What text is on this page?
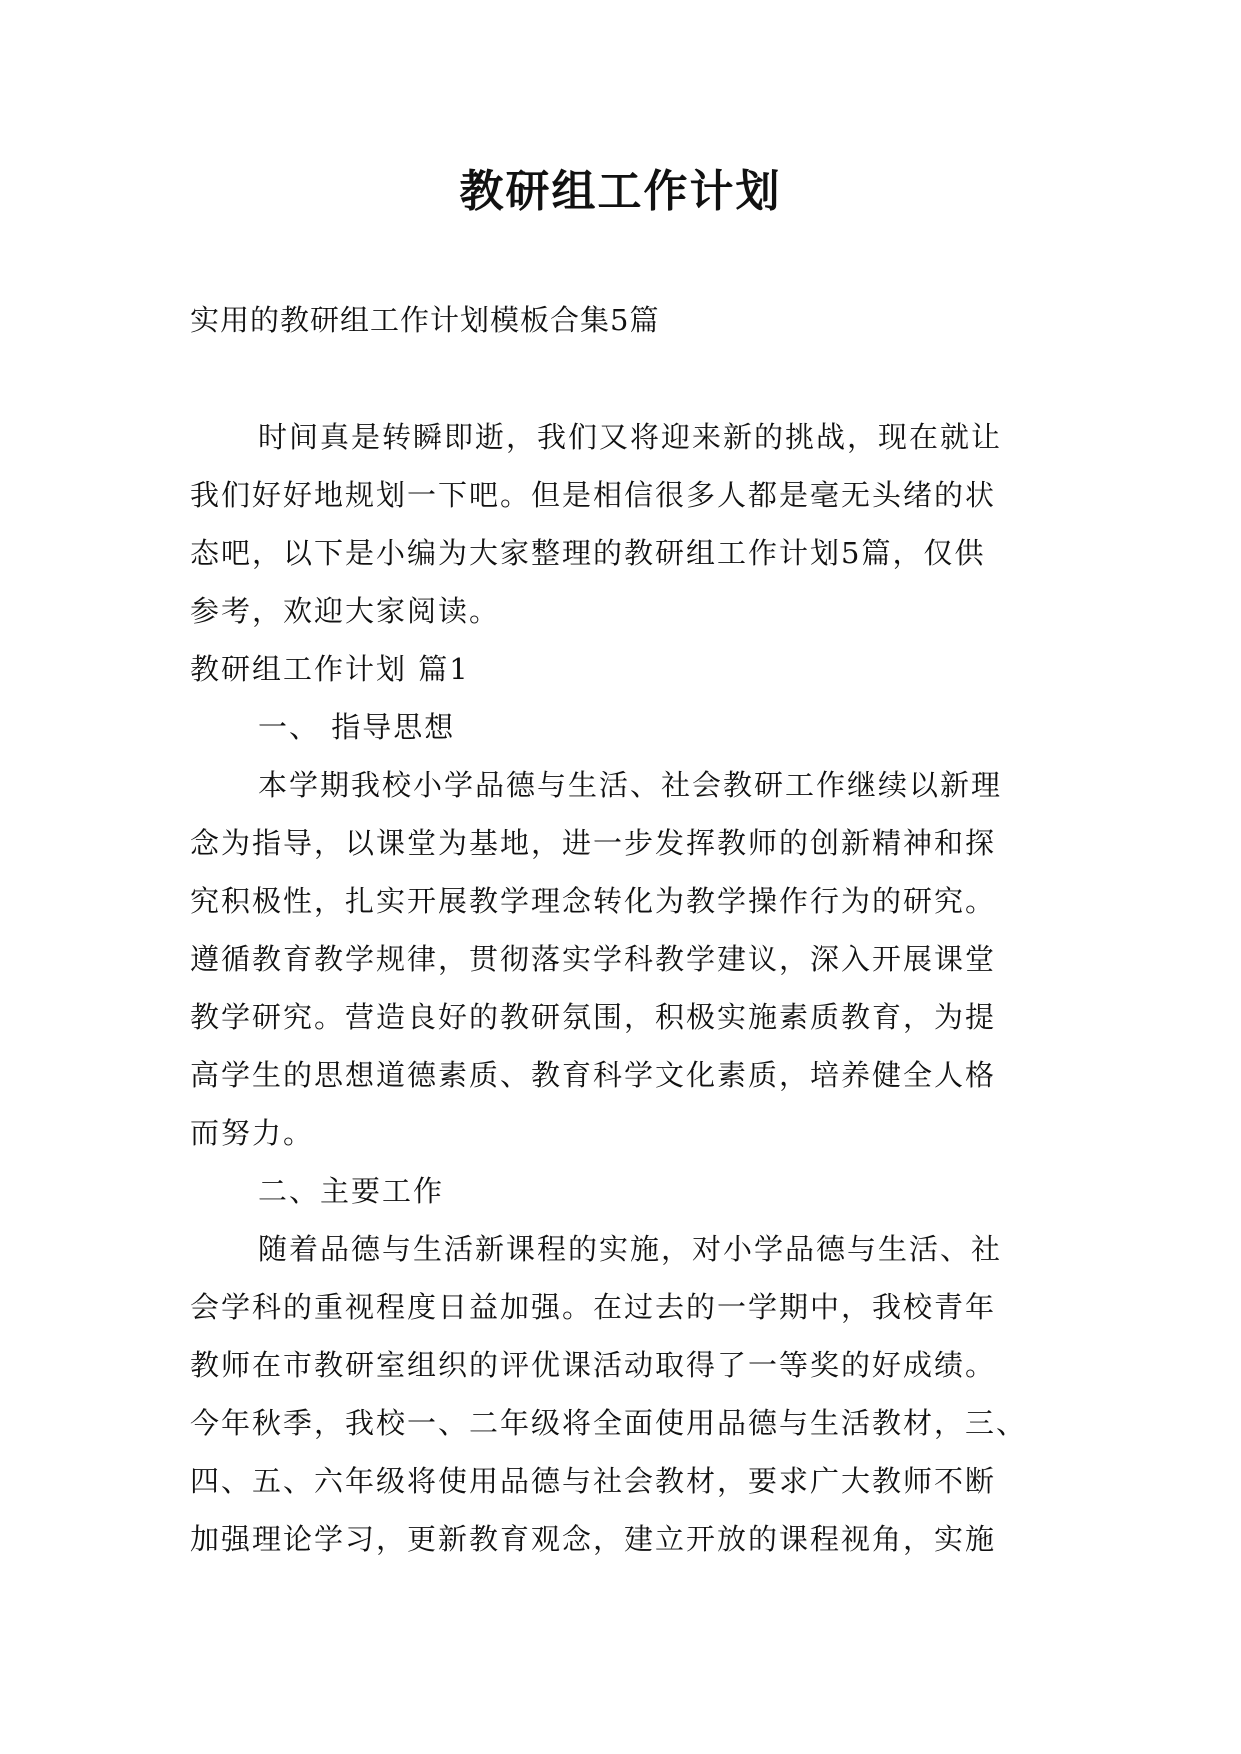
教研组工作计划

实用的教研组工作计划模板合集5篇

时间真是转瞬即逝，我们又将迎来新的挑战，现在就让

我们好好地规划一下吧。但是相信很多人都是毫无头绪的状

态吧，以下是小编为大家整理的教研组工作计划5篇，仅供

参考，欢迎大家阅读。

教研组工作计划 篇1

一、 指导思想

本学期我校小学品德与生活、社会教研工作继续以新理

念为指导，以课堂为基地，进一步发挥教师的创新精神和探

究积极性，扎实开展教学理念转化为教学操作行为的研究。

遵循教育教学规律，贯彻落实学科教学建议，深入开展课堂

教学研究。营造良好的教研氛围，积极实施素质教育，为提

高学生的思想道德素质、教育科学文化素质，培养健全人格

而努力。

二、主要工作

随着品德与生活新课程的实施，对小学品德与生活、社

会学科的重视程度日益加强。在过去的一学期中，我校青年

教师在市教研室组织的评优课活动取得了一等奖的好成绩。

今年秋季，我校一、二年级将全面使用品德与生活教材，三、

四、五、六年级将使用品德与社会教材，要求广大教师不断

加强理论学习，更新教育观念，建立开放的课程视角，实施
